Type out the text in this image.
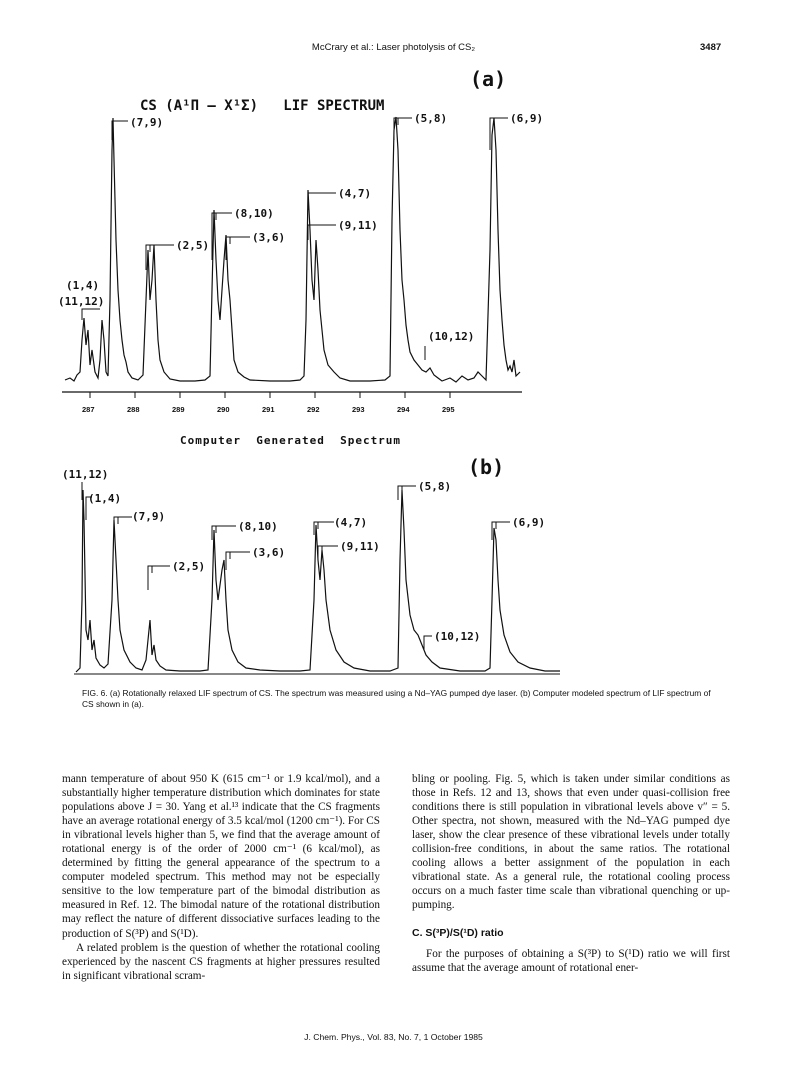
McCrary et al.: Laser photolysis of CS₂	3487
(a)
CS (A¹Π – X¹Σ)   LIF SPECTRUM
287	288	289	290	291	292	293	294	295
(7,9)	(5,8)	(6,9)
(4,7)
(8,10)
(9,11)
(3,6)
(2,5)
(1,4)
(11,12)
(10,12)
Computer  Generated  Spectrum
(b)
(11,12)
(1,4)
(7,9)
(5,8)
(8,10)	(4,7)	(6,9)
(3,6)	(9,11)
(2,5)
(10,12)
FIG. 6. (a) Rotationally relaxed LIF spectrum of CS. The spectrum was measured using a Nd–YAG pumped dye laser. (b) Computer modeled spectrum of LIF spectrum of CS shown in (a).

mann temperature of about 950 K (615 cm⁻¹ or 1.9 kcal/mol), and a substantially higher temperature distribution which dominates for state populations above J = 30. Yang et al.¹³ indicate that the CS fragments have an average rotational energy of 3.5 kcal/mol (1200 cm⁻¹). For CS in vibrational levels higher than 5, we find that the average amount of rotational energy is of the order of 2000 cm⁻¹ (6 kcal/mol), as determined by fitting the general appearance of the spectrum to a computer modeled spectrum. This method may not be especially sensitive to the low temperature part of the bimodal distribution as measured in Ref. 12. The bimodal nature of the rotational distribution may reflect the nature of different dissociative surfaces leading to the production of S(³P) and S(¹D).

A related problem is the question of whether the rotational cooling experienced by the nascent CS fragments at higher pressures resulted in significant vibrational scram-

bling or pooling. Fig. 5, which is taken under similar conditions as those in Refs. 12 and 13, shows that even under quasi-collision free conditions there is still population in vibrational levels above v″ = 5. Other spectra, not shown, measured with the Nd–YAG pumped dye laser, show the clear presence of these vibrational levels under totally collision-free conditions, in about the same ratios. The rotational cooling allows a better assignment of the population in each vibrational state. As a general rule, the rotational cooling process occurs on a much faster time scale than vibrational quenching or up-pumping.

C. S(³P)/S(¹D) ratio

For the purposes of obtaining a S(³P) to S(¹D) ratio we will first assume that the average amount of rotational ener-

J. Chem. Phys., Vol. 83, No. 7, 1 October 1985
